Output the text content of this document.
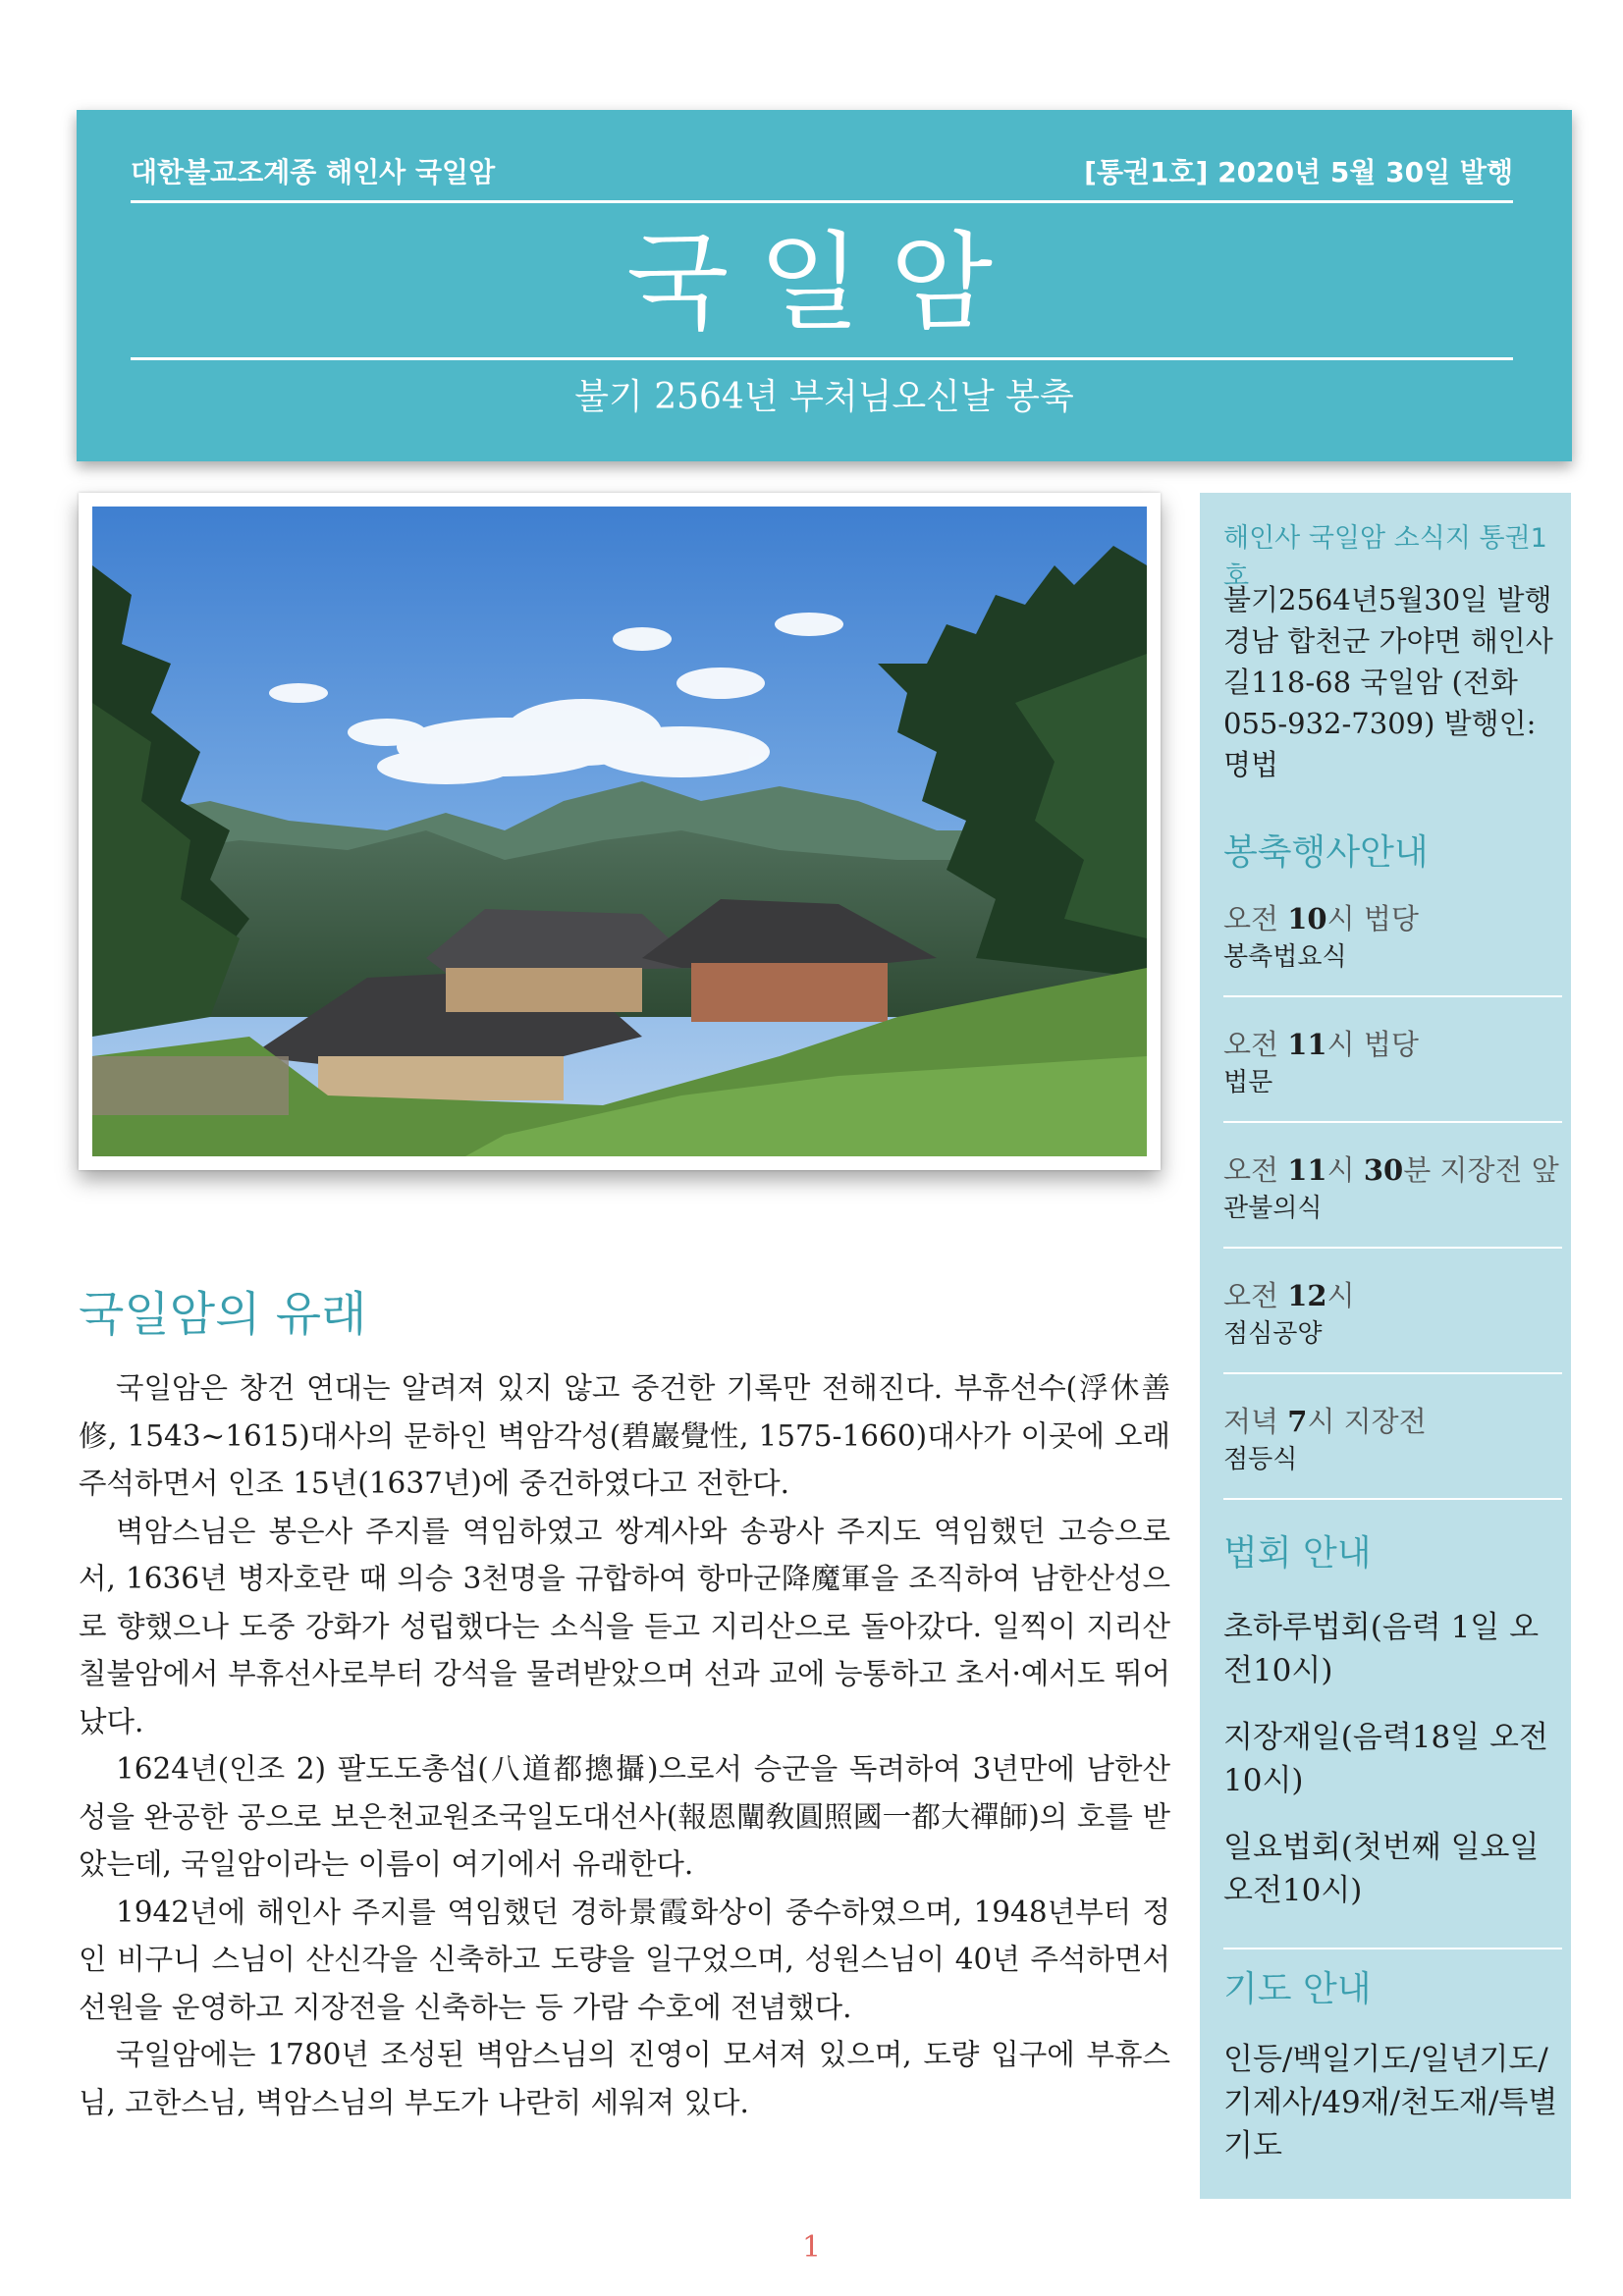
대한불교조계종 해인사 국일암	[통권1호] 2020년 5월 30일 발행
국일암
불기 2564년 부처님오신날 봉축
국일암의 유래

국일암은 창건 연대는 알려져 있지 않고 중건한 기록만 전해진다. 부휴선수(浮休善修, 1543~1615)대사의 문하인 벽암각성(碧巖覺性, 1575-1660)대사가 이곳에 오래 주석하면서 인조 15년(1637년)에 중건하였다고 전한다.

벽암스님은 봉은사 주지를 역임하였고 쌍계사와 송광사 주지도 역임했던 고승으로서, 1636년 병자호란 때 의승 3천명을 규합하여 항마군降魔軍을 조직하여 남한산성으로 향했으나 도중 강화가 성립했다는 소식을 듣고 지리산으로 돌아갔다. 일찍이 지리산 칠불암에서 부휴선사로부터 강석을 물려받았으며 선과 교에 능통하고 초서·예서도 뛰어났다.

1624년(인조 2) 팔도도총섭(八道都摠攝)으로서 승군을 독려하여 3년만에 남한산성을 완공한 공으로 보은천교원조국일도대선사(報恩闡敎圓照國一都大禪師)의 호를 받았는데, 국일암이라는 이름이 여기에서 유래한다.

1942년에 해인사 주지를 역임했던 경하景霞화상이 중수하였으며, 1948년부터 정인 비구니 스님이 산신각을 신축하고 도량을 일구었으며, 성원스님이 40년 주석하면서 선원을 운영하고 지장전을 신축하는 등 가람 수호에 전념했다.

국일암에는 1780년 조성된 벽암스님의 진영이 모셔져 있으며, 도량 입구에 부휴스님, 고한스님, 벽암스님의 부도가 나란히 세워져 있다.

해인사 국일암 소식지 통권1호
불기2564년5월30일 발행 경남 합천군 가야면 해인사길118-68 국일암 (전화 055-932-7309) 발행인: 명법
봉축행사안내
오전 10시 법당
봉축법요식
오전 11시 법당
법문
오전 11시 30분 지장전 앞
관불의식
오전 12시
점심공양
저녁 7시 지장전
점등식
법회 안내
초하루법회(음력 1일 오전10시)
지장재일(음력18일 오전10시)
일요법회(첫번째 일요일 오전10시)
기도 안내
인등/백일기도/일년기도/기제사/49재/천도재/특별기도
1
